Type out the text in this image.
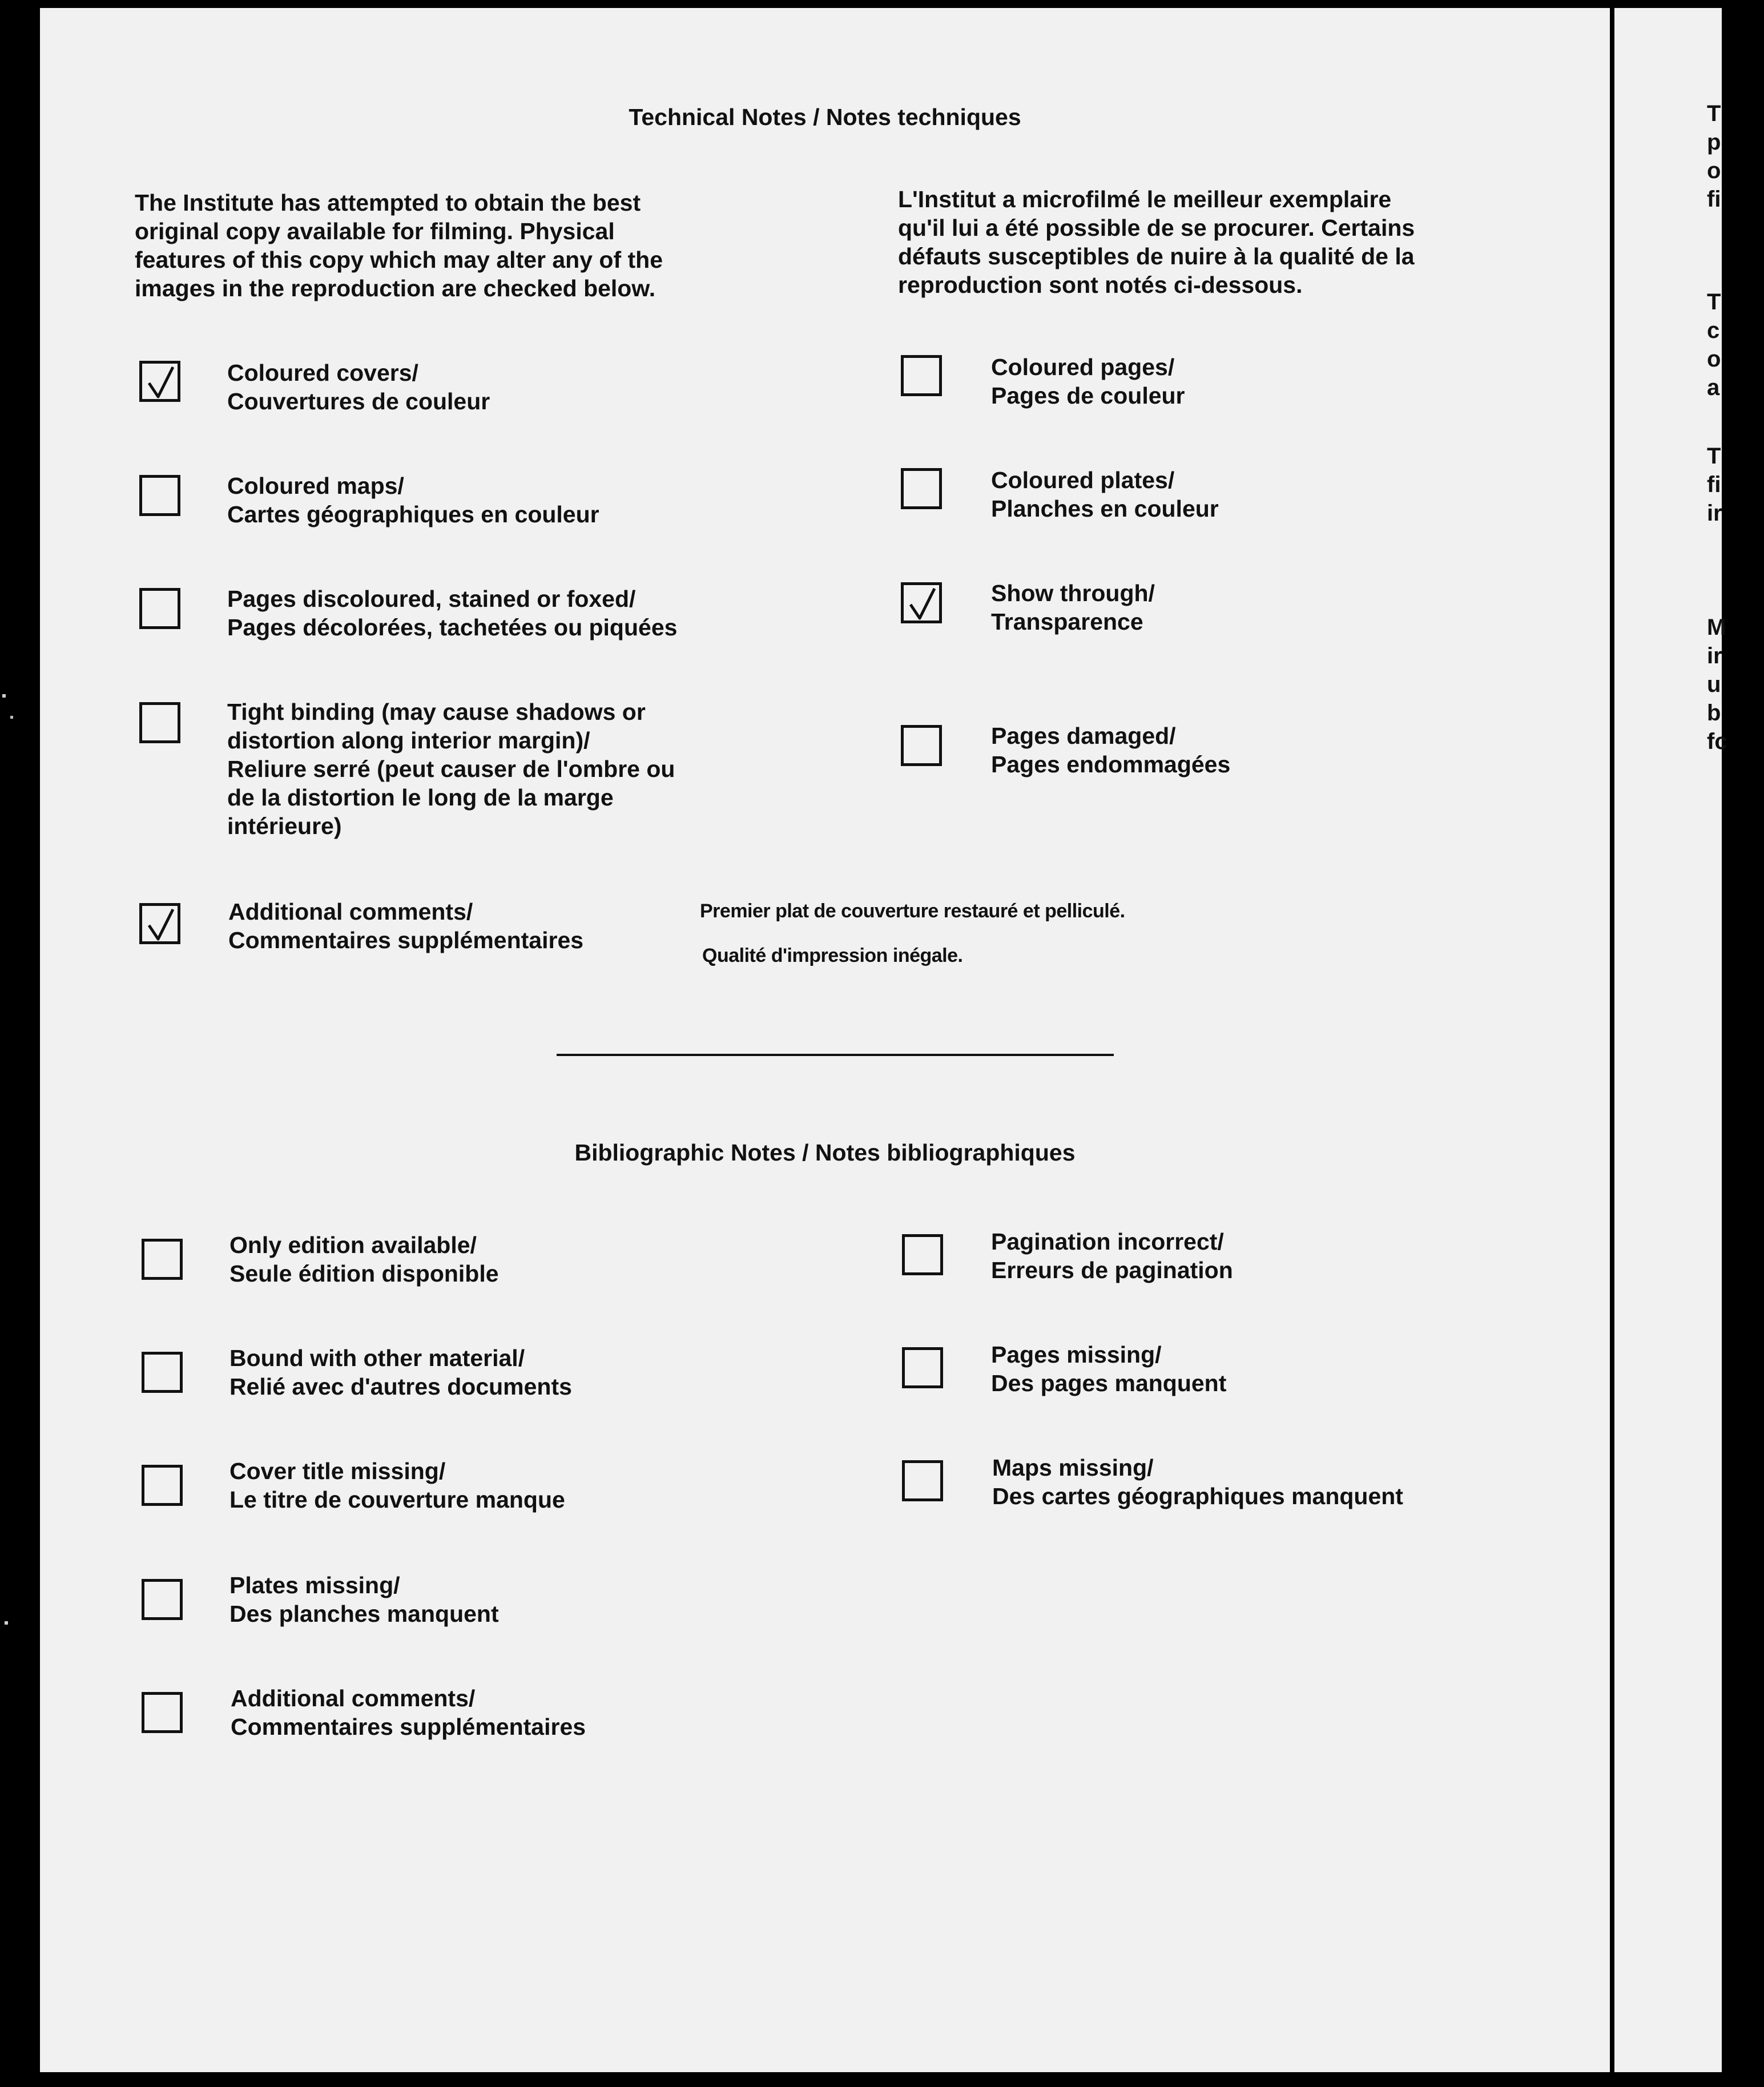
Technical Notes / Notes techniques
The Institute has attempted to obtain the best
original copy available for filming. Physical
features of this copy which may alter any of the
images in the reproduction are checked below.
L'Institut a microfilmé le meilleur exemplaire
qu'il lui a été possible de se procurer. Certains
défauts susceptibles de nuire à la qualité de la
reproduction sont notés ci-dessous.
Coloured covers/
Couvertures de couleur
Coloured maps/
Cartes géographiques en couleur
Pages discoloured, stained or foxed/
Pages décolorées, tachetées ou piquées
Tight binding (may cause shadows or
distortion along interior margin)/
Reliure serré (peut causer de l'ombre ou
de la distortion le long de la marge
intérieure)
Additional comments/
Commentaires supplémentaires
Premier plat de couverture restauré et pelliculé.
Qualité d'impression inégale.
Coloured pages/
Pages de couleur
Coloured plates/
Planches en couleur
Show through/
Transparence
Pages damaged/
Pages endommagées
Bibliographic Notes / Notes bibliographiques
Only edition available/
Seule édition disponible
Bound with other material/
Relié avec d'autres documents
Cover title missing/
Le titre de couverture manque
Plates missing/
Des planches manquent
Additional comments/
Commentaires supplémentaires
Pagination incorrect/
Erreurs de pagination
Pages missing/
Des pages manquent
Maps missing/
Des cartes géographiques manquent

T

p

o

fi

T

c

o

a

T

fi

ir

M

ir

u

b

fc
